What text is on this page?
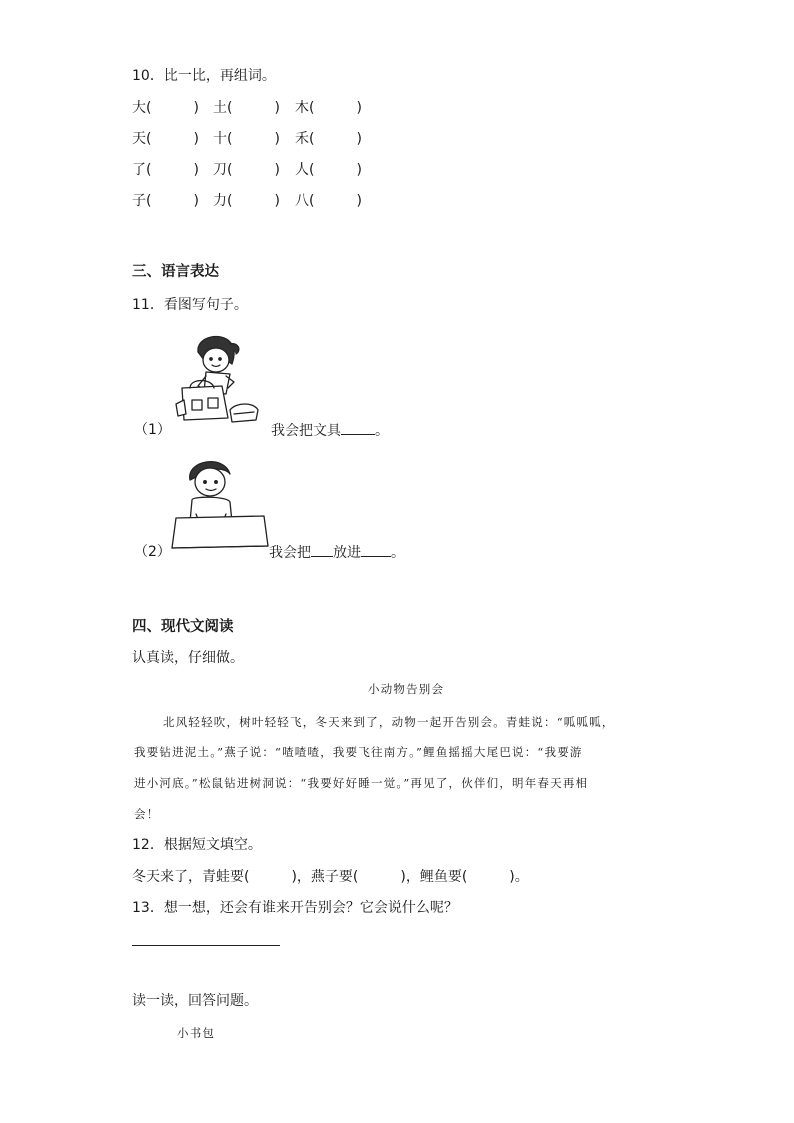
10．比一比，再组词。
大(　　　) 土(　　　) 木(　　　)
天(　　　) 十(　　　) 禾(　　　)
了(　　　) 刀(　　　) 人(　　　)
子(　　　) 力(　　　) 八(　　　)
三、语言表达
11．看图写句子。
（1）	我会把文具 。
（2）	我会把 放进 。
四、现代文阅读
认真读，仔细做。
小动物告别会
北风轻轻吹，树叶轻轻飞，冬天来到了，动物一起开告别会。青蛙说：“呱呱呱，
我要钻进泥土。”燕子说：“喳喳喳，我要飞往南方。”鲤鱼摇摇大尾巴说：“我要游
进小河底。”松鼠钻进树洞说：“我要好好睡一觉。”再见了，伙伴们，明年春天再相
会！
12．根据短文填空。
冬天来了，青蛙要(　　　)，燕子要(　　　)，鲤鱼要(　　　)。
13．想一想，还会有谁来开告别会？它会说什么呢？
读一读，回答问题。
小书包
